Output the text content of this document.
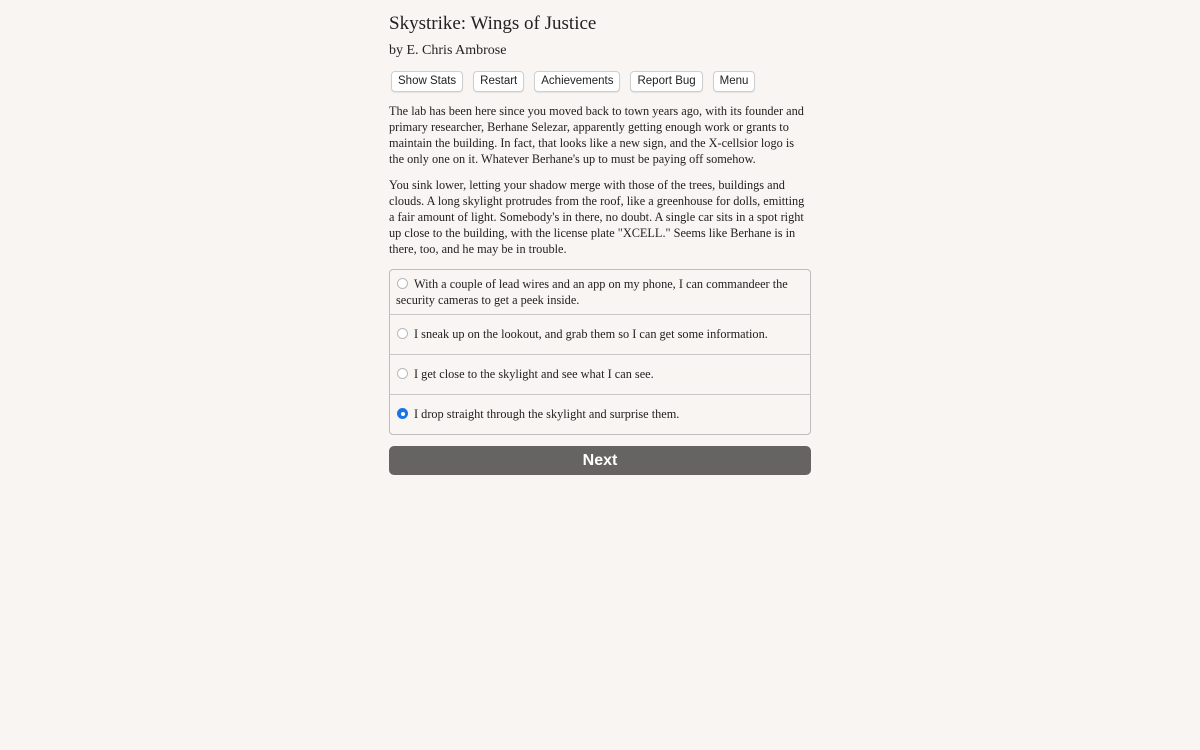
Skystrike: Wings of Justice
by E. Chris Ambrose
Show Stats	Restart	Achievements	Report Bug	Menu

The lab has been here since you moved back to town years ago, with its founder and primary researcher, Berhane Selezar, apparently getting enough work or grants to maintain the building. In fact, that looks like a new sign, and the X-cellsior logo is the only one on it. Whatever Berhane's up to must be paying off somehow.

You sink lower, letting your shadow merge with those of the trees, buildings and clouds. A long skylight protrudes from the roof, like a greenhouse for dolls, emitting a fair amount of light. Somebody's in there, no doubt. A single car sits in a spot right up close to the building, with the license plate "XCELL." Seems like Berhane is in there, too, and he may be in trouble.

With a couple of lead wires and an app on my phone, I can commandeer the security cameras to get a peek inside.
I sneak up on the lookout, and grab them so I can get some information.
I get close to the skylight and see what I can see.
I drop straight through the skylight and surprise them.
Next
